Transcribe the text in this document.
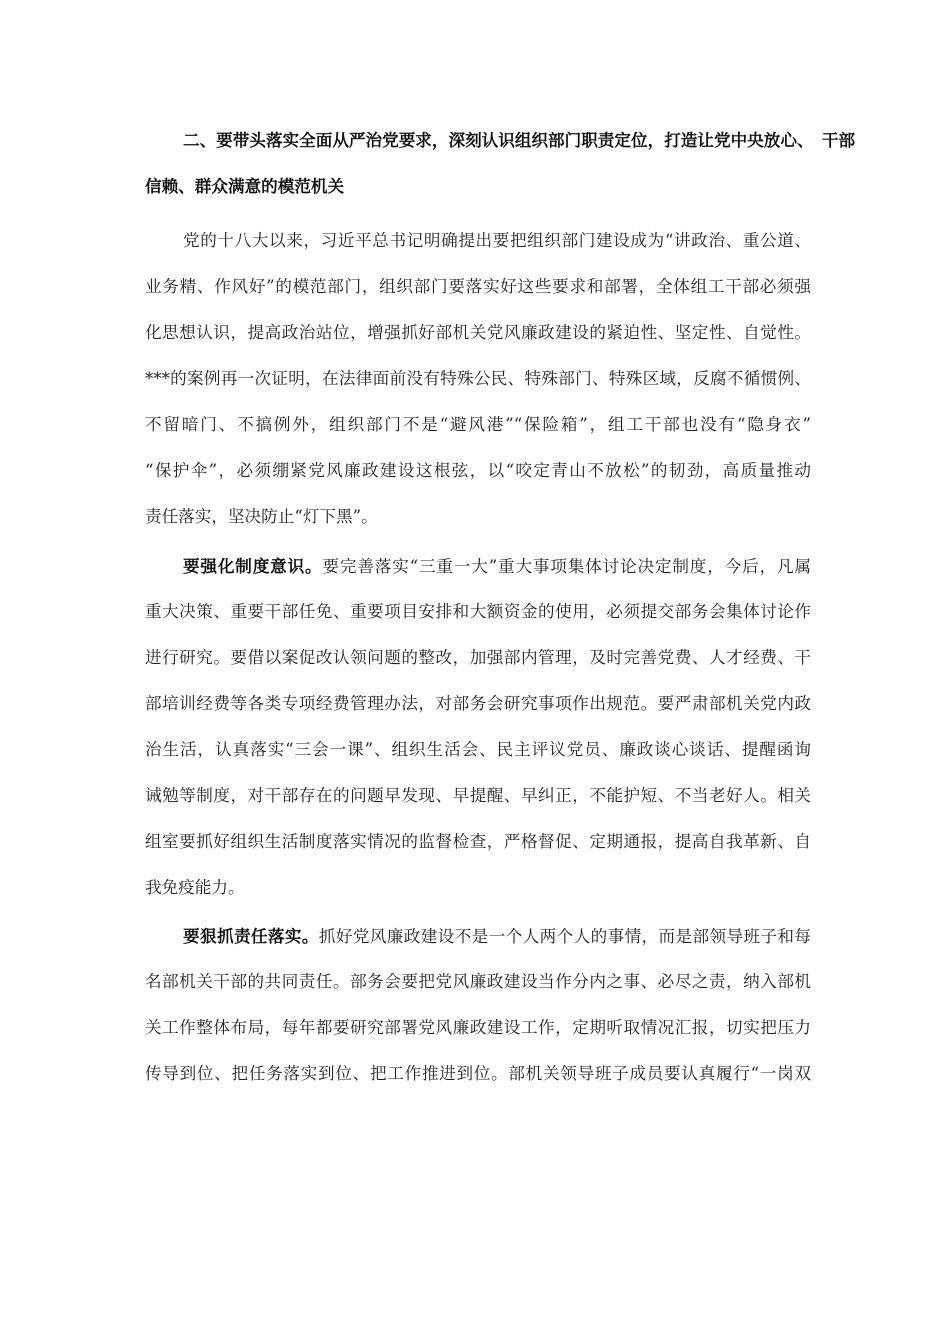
二、要带头落实全面从严治党要求，深刻认识组织部门职责定位，打造让党中央放心、　干部
信赖、群众满意的模范机关
党的十八大以来，习近平总书记明确提出要把组织部门建设成为“讲政治、重公道、
业务精、作风好”的模范部门，组织部门要落实好这些要求和部署，全体组工干部必须强
化思想认识，提高政治站位，增强抓好部机关党风廉政建设的紧迫性、坚定性、自觉性。
***的案例再一次证明，在法律面前没有特殊公民、特殊部门、特殊区域，反腐不循惯例、
不留暗门、不搞例外，组织部门不是“避风港”“保险箱”，组工干部也没有“隐身衣”
“保护伞”，必须绷紧党风廉政建设这根弦，以“咬定青山不放松”的韧劲，高质量推动
责任落实，坚决防止“灯下黑”。
要强化制度意识。要完善落实“三重一大”重大事项集体讨论决定制度，今后，凡属
重大决策、重要干部任免、重要项目安排和大额资金的使用，必须提交部务会集体讨论作
进行研究。要借以案促改认领问题的整改，加强部内管理，及时完善党费、人才经费、干
部培训经费等各类专项经费管理办法，对部务会研究事项作出规范。要严肃部机关党内政
治生活，认真落实“三会一课”、组织生活会、民主评议党员、廉政谈心谈话、提醒函询
诫勉等制度，对干部存在的问题早发现、早提醒、早纠正，不能护短、不当老好人。相关
组室要抓好组织生活制度落实情况的监督检查，严格督促、定期通报，提高自我革新、自
我免疫能力。
要狠抓责任落实。抓好党风廉政建设不是一个人两个人的事情，而是部领导班子和每
名部机关干部的共同责任。部务会要把党风廉政建设当作分内之事、必尽之责，纳入部机
关工作整体布局，每年都要研究部署党风廉政建设工作，定期听取情况汇报，切实把压力
传导到位、把任务落实到位、把工作推进到位。部机关领导班子成员要认真履行“一岗双
